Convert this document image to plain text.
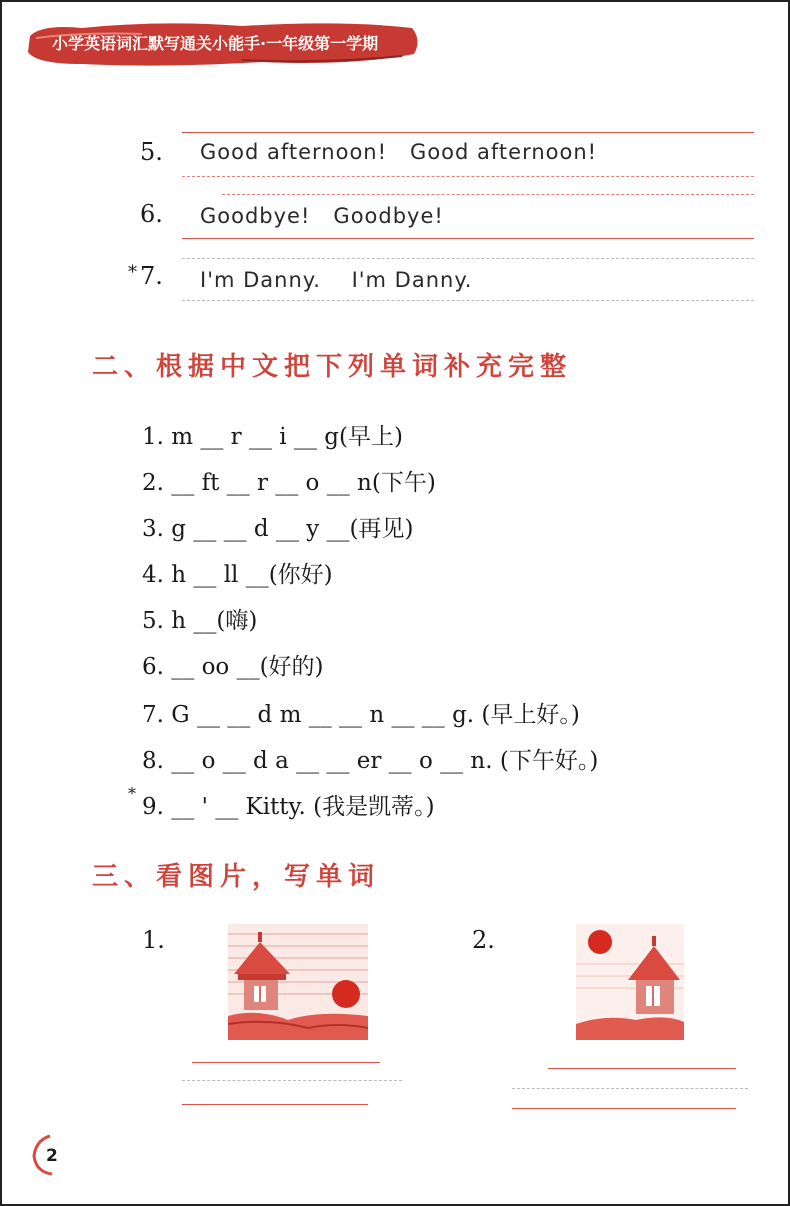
小学英语词汇默写通关小能手·一年级第一学期
5. Good afternoon!   Good afternoon!
6. Goodbye!   Goodbye!
* 7. I'm Danny.    I'm Danny.
二、根据中文把下列单词补充完整
1. m __ r __ i __ g(早上)
2. __ ft __ r __ o __ n(下午)
3. g __ __ d __ y __(再见)
4. h __ ll __(你好)
5. h __(嗨)
6. __ oo __(好的)
7. G __ __ d m __ __ n __ __ g. (早上好。)
8. __ o __ d a __ __ er __ o __ n. (下午好。)
*
9. __ ' __ Kitty. (我是凯蒂。)
三、看图片，写单词
1.	2.
2
